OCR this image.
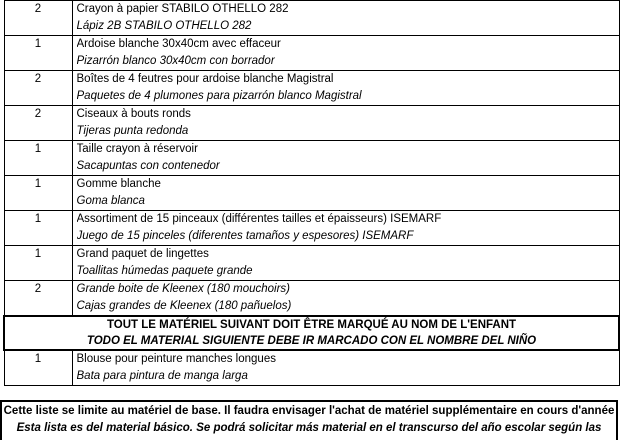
2	Crayon à papier STABILO OTHELLO 282
Lápiz 2B STABILO OTHELLO 282

1	Ardoise blanche 30x40cm avec effaceur
Pizarrón blanco 30x40cm con borrador

2	Boîtes de 4 feutres pour ardoise blanche Magistral
Paquetes de 4 plumones para pizarrón blanco Magistral

2	Ciseaux à bouts ronds
Tijeras punta redonda

1	Taille crayon à réservoir
Sacapuntas con contenedor

1	Gomme blanche
Goma blanca

1	Assortiment de 15 pinceaux (différentes tailles et épaisseurs) ISEMARF
Juego de 15 pinceles (diferentes tamaños y espesores) ISEMARF

1	Grand paquet de lingettes
Toallitas húmedas paquete grande

2	Grande boite de Kleenex (180 mouchoirs)
Cajas grandes de Kleenex (180 pañuelos)

TOUT LE MATÉRIEL SUIVANT DOIT ÊTRE MARQUÉ AU NOM DE L'ENFANT
TODO EL MATERIAL SIGUIENTE DEBE IR MARCADO CON EL NOMBRE DEL NIÑO	

1	Blouse pour peinture manches longues
Bata para pintura de manga larga
Cette liste se limite au matériel de base. Il faudra envisager l'achat de matériel supplémentaire en cours d'année
Esta lista es del material básico. Se podrá solicitar más material en el transcurso del año escolar según las
